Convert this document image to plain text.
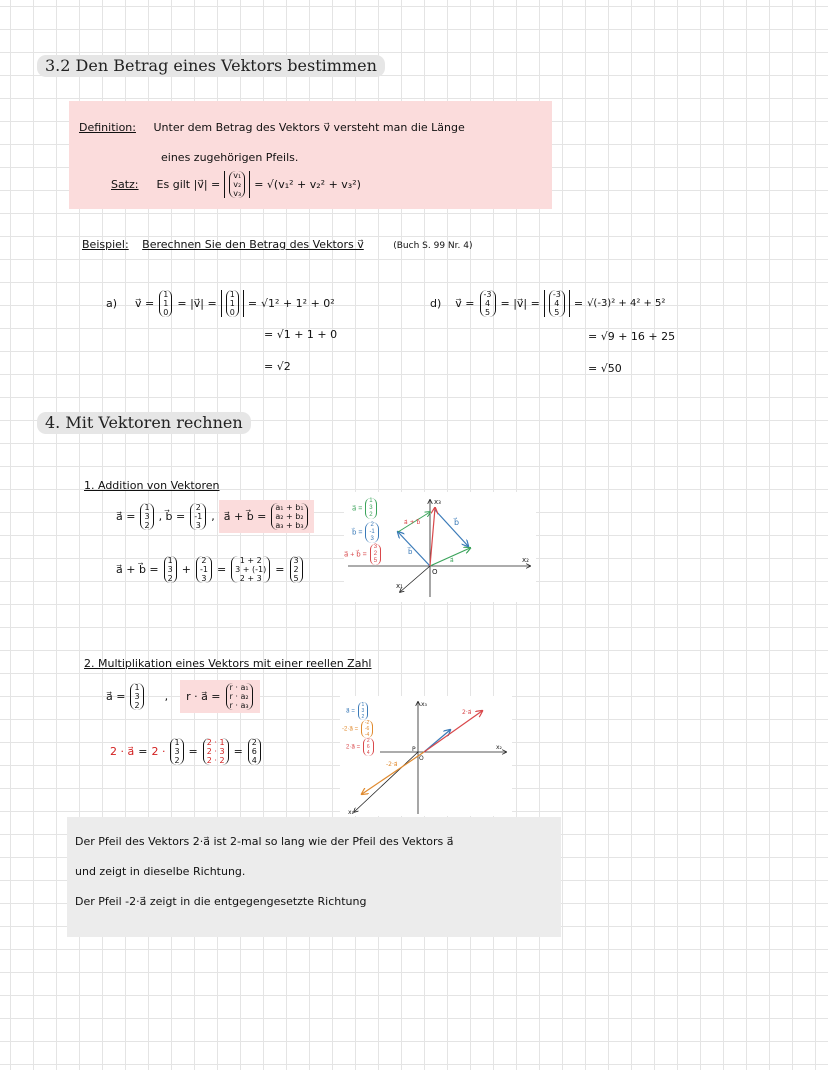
3.2 Den Betrag eines Vektors bestimmen
Definition: Unter dem Betrag des Vektors v⃗ versteht man die Länge
eines zugehörigen Pfeils.
Satz: Es gilt |v⃗| =
v₁
v₂
v₃
= √(v₁² + v₂² + v₃²)
Beispiel: Berechnen Sie den Betrag des Vektors v⃗	(Buch S. 99 Nr. 4)
a) v⃗ =
1
1
0
= |v⃗| =
1
1
0
= √1² + 1² + 0²
= √1 + 1 + 0
= √2
d) v⃗ =
-3
4
5
= |v⃗| =
-3
4
5
= √(-3)² + 4² + 5²
= √9 + 16 + 25
= √50
4. Mit Vektoren rechnen
1. Addition von Vektoren
a⃗ =
1
3
2
, b⃗ =
2
-1
3
, a⃗ + b⃗ =
a₁ + b₁
a₂ + b₂
a₃ + b₃
a⃗ + b⃗ =
1
3
2
+
2
-1
3
=
1 + 2
3 + (-1)
2 + 3
=
3
2
5
a⃗ =
1
3
2
b⃗ =
2
-1
3
a⃗ + b⃗ =
3
2
5
x₃
x₂
x₁
O
b⃗
a⃗ + b⃗
b⃗
a⃗
2. Multiplikation eines Vektors mit einer reellen Zahl
a⃗ =
1
3
2
, r · a⃗ =
r · a₁
r · a₂
r · a₃
2 · a⃗ = 2 ·
1
3
2
=
2 · 1
2 · 3
2 · 2
=
2
6
4
a⃗ =
1
3
2
-2·a⃗ =
-2
-6
-4
2·a⃗ =
2
6
4
x₃
x₂
x₁
O
P
2·a⃗
-2·a⃗
Der Pfeil des Vektors 2·a⃗ ist 2-mal so lang wie der Pfeil des Vektors a⃗
und zeigt in dieselbe Richtung.
Der Pfeil -2·a⃗ zeigt in die entgegengesetzte Richtung
